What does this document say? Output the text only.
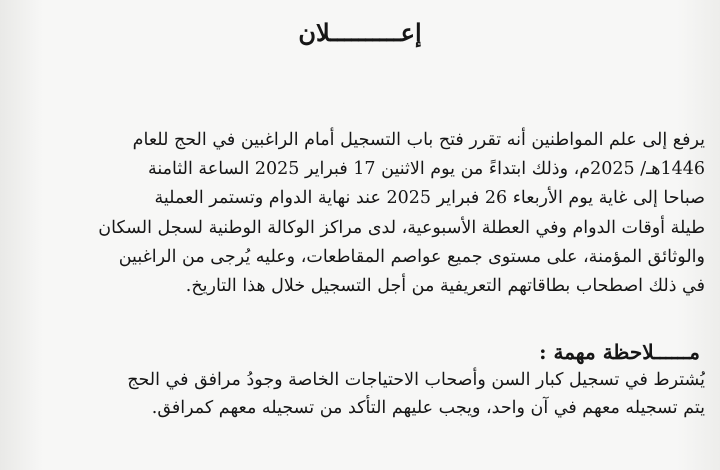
إعــــــــــلان
يرفع إلى علم المواطنين أنه تقرر فتح باب التسجيل أمام الراغبين في الحج للعام
1446هـ/ 2025م، وذلك ابتداءً من يوم الاثنين 17 فبراير 2025 الساعة الثامنة
صباحا إلى غاية يوم الأربعاء 26 فبراير 2025 عند نهاية الدوام وتستمر العملية
طيلة أوقات الدوام وفي العطلة الأسبوعية، لدى مراكز الوكالة الوطنية لسجل السكان
والوثائق المؤمنة، على مستوى جميع عواصم المقاطعات، وعليه يُرجى من الراغبين
في ذلك اصطحاب بطاقاتهم التعريفية من أجل التسجيل خلال هذا التاريخ.
مــــــلاحظة مهمة :
يُشترط في تسجيل كبار السن وأصحاب الاحتياجات الخاصة وجودُ مرافق في الحج
يتم تسجيله معهم في آن واحد، ويجب عليهم التأكد من تسجيله معهم كمرافق.
